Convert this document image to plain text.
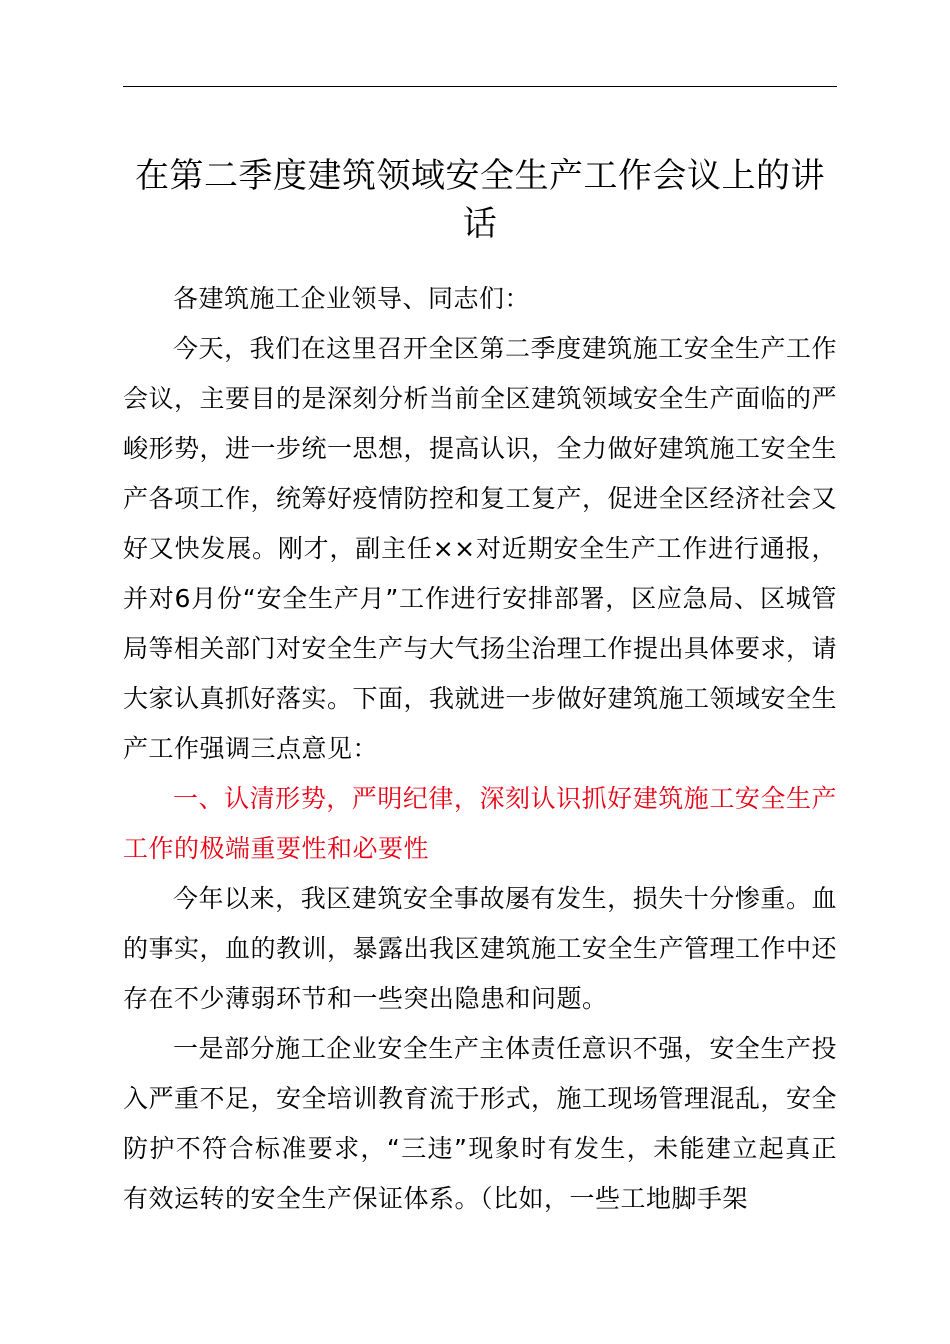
在第二季度建筑领域安全生产工作会议上的讲话

各建筑施工企业领导、同志们：

今天，我们在这里召开全区第二季度建筑施工安全生产工作会议，主要目的是深刻分析当前全区建筑领域安全生产面临的严峻形势，进一步统一思想，提高认识，全力做好建筑施工安全生产各项工作，统筹好疫情防控和复工复产，促进全区经济社会又好又快发展。刚才，副主任××对近期安全生产工作进行通报，并对6月份“安全生产月”工作进行安排部署，区应急局、区城管局等相关部门对安全生产与大气扬尘治理工作提出具体要求，请大家认真抓好落实。下面，我就进一步做好建筑施工领域安全生产工作强调三点意见：

一、认清形势，严明纪律，深刻认识抓好建筑施工安全生产工作的极端重要性和必要性

今年以来，我区建筑安全事故屡有发生，损失十分惨重。血的事实，血的教训，暴露出我区建筑施工安全生产管理工作中还存在不少薄弱环节和一些突出隐患和问题。

一是部分施工企业安全生产主体责任意识不强，安全生产投入严重不足，安全培训教育流于形式，施工现场管理混乱，安全防护不符合标准要求，“三违”现象时有发生，未能建立起真正有效运转的安全生产保证体系。（比如，一些工地脚手架
